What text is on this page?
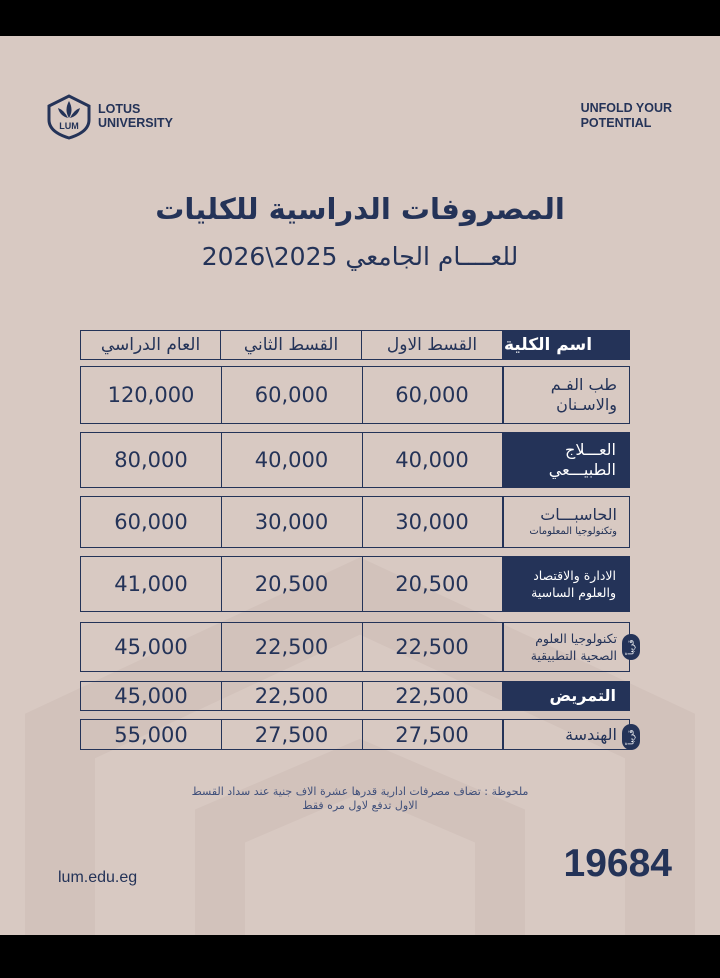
LUM
LOTUS
UNIVERSITY
UNFOLD YOUR
POTENTIAL
المصروفات الدراسية للكليات
للعــــام الجامعي 2025\2026
العام الدراسي	القسط الثاني	القسط الاول	اسم الكلية
120,000	60,000	60,000	طب الفـم
والاسـنان
80,000	40,000	40,000	العـــلاج
الطبيـــعي
60,000	30,000	30,000	الحاسبـــات
وتكنولوجيا المعلومات
41,000	20,500	20,500	الادارة والاقتصاد
والعلوم الساسية
45,000	22,500	22,500	تكنولوجيا العلوم
الصحية التطبيقية
قريباً
45,000	22,500	22,500	التمريض
55,000	27,500	27,500	الهندسة	قريباً
ملحوظة : تضاف مصرفات ادارية قدرها عشرة الاف جنية عند سداد القسط
الاول تدفع لاول مره فقط
lum.edu.eg	19684
